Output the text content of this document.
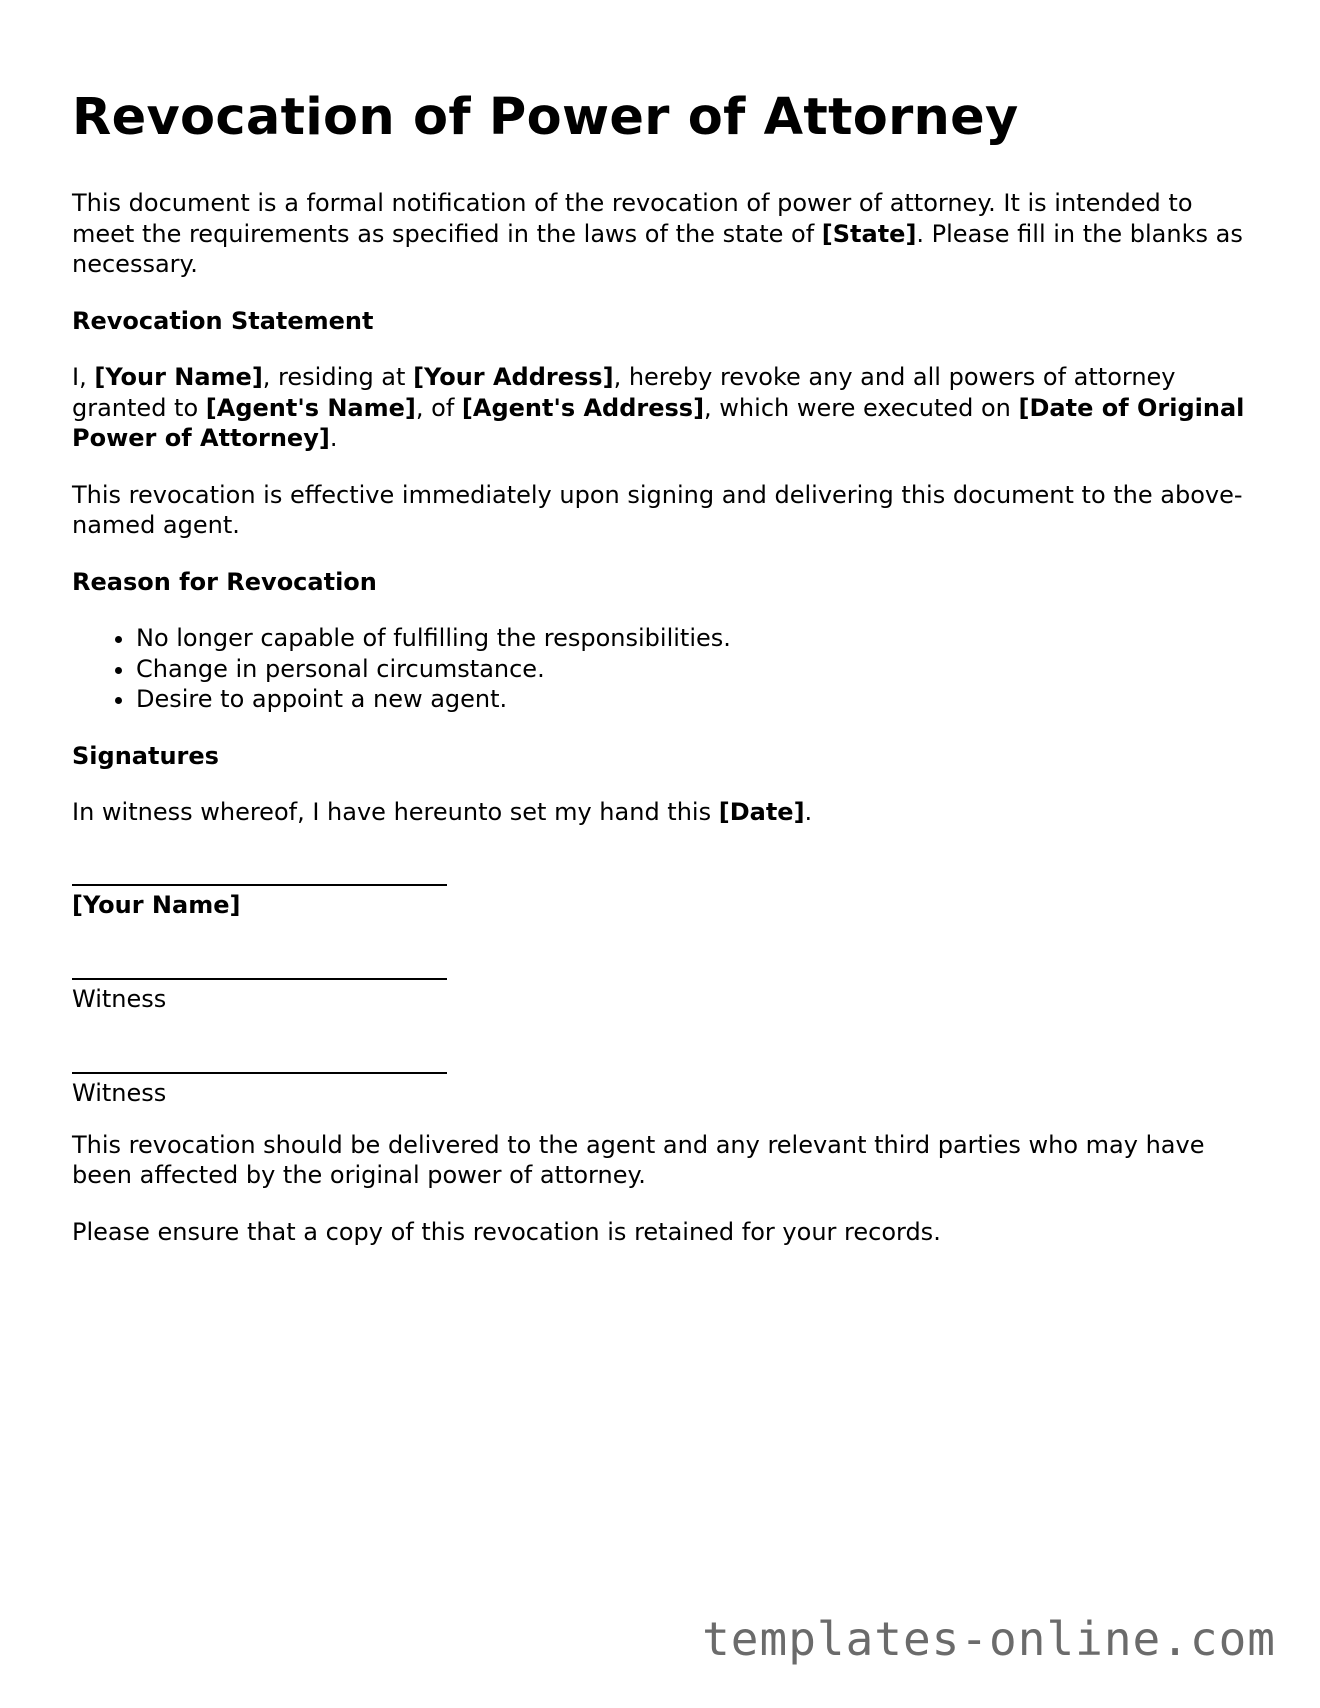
Revocation of Power of Attorney

This document is a formal notification of the revocation of power of attorney. It is intended to meet the requirements as specified in the laws of the state of [State]. Please fill in the blanks as necessary.

Revocation Statement

I, [Your Name], residing at [Your Address], hereby revoke any and all powers of attorney granted to [Agent's Name], of [Agent's Address], which were executed on [Date of Original Power of Attorney].

This revocation is effective immediately upon signing and delivering this document to the above-named agent.

Reason for Revocation

• No longer capable of fulfilling the responsibilities.
• Change in personal circumstance.
• Desire to appoint a new agent.

Signatures

In witness whereof, I have hereunto set my hand this [Date].

[Your Name]
Witness
Witness

This revocation should be delivered to the agent and any relevant third parties who may have been affected by the original power of attorney.

Please ensure that a copy of this revocation is retained for your records.

templates-online.com
